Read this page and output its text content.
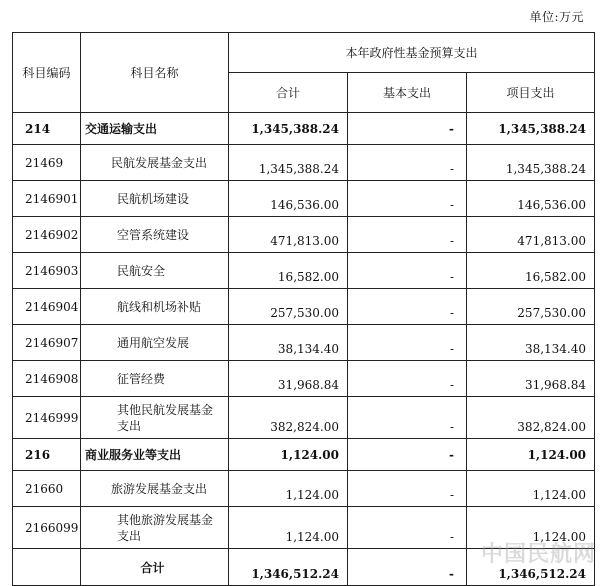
单位:万元
科目编码	科目名称	本年政府性基金预算支出		
		合计	基本支出	项目支出
214	交通运输支出	1,345,388.24	-	1,345,388.24
21469	民航发展基金支出	1,345,388.24	-	1,345,388.24
2146901	民航机场建设	146,536.00	-	146,536.00
2146902	空管系统建设	471,813.00	-	471,813.00
2146903	民航安全	16,582.00	-	16,582.00
2146904	航线和机场补贴	257,530.00	-	257,530.00
2146907	通用航空发展	38,134.40	-	38,134.40
2146908	征管经费	31,968.84	-	31,968.84
2146999	其他民航发展基金支出	382,824.00	-	382,824.00
216	商业服务业等支出	1,124.00	-	1,124.00
21660	旅游发展基金支出	1,124.00	-	1,124.00
2166099	其他旅游发展基金支出	1,124.00	-	1,124.00
	合计	1,346,512.24	-	1,346,512.24
中国民航网
